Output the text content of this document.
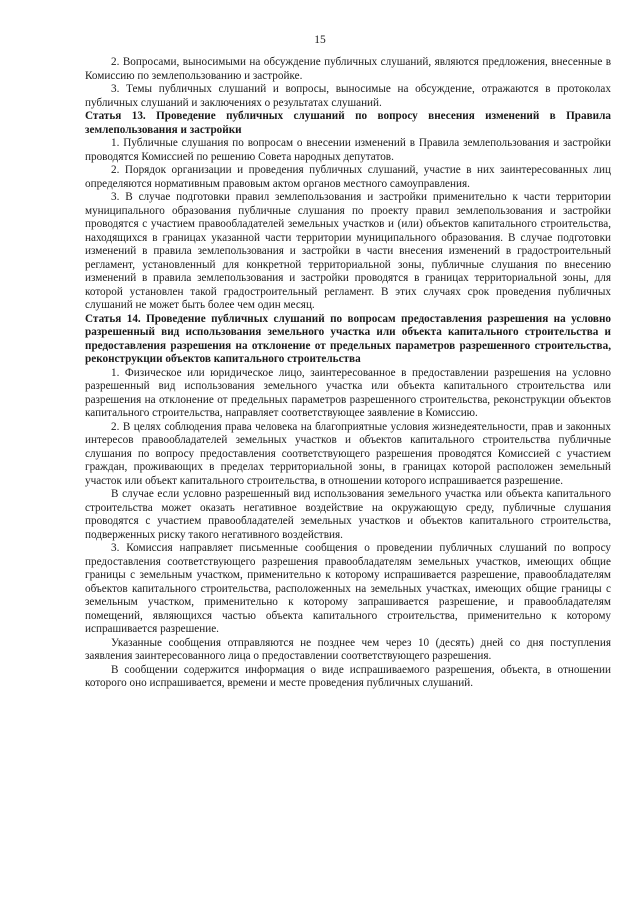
15

2. Вопросами, выносимыми на обсуждение публичных слушаний, являются предложения, внесенные в Комиссию по землепользованию и застройке.

3. Темы публичных слушаний и вопросы, выносимые на обсуждение, отражаются в протоколах публичных слушаний и заключениях о результатах слушаний.

Статья 13. Проведение публичных слушаний по вопросу внесения изменений в Правила землепользования и застройки

1. Публичные слушания по вопросам о внесении изменений в Правила землепользования и застройки проводятся Комиссией по решению Совета народных депутатов.

2. Порядок организации и проведения публичных слушаний, участие в них заинтересованных лиц определяются нормативным правовым актом органов местного самоуправления.

3. В случае подготовки правил землепользования и застройки применительно к части территории муниципального образования публичные слушания по проекту правил землепользования и застройки проводятся с участием правообладателей земельных участков и (или) объектов капитального строительства, находящихся в границах указанной части территории муниципального образования. В случае подготовки изменений в правила землепользования и застройки в части внесения изменений в градостроительный регламент, установленный для конкретной территориальной зоны, публичные слушания по внесению изменений в правила землепользования и застройки проводятся в границах территориальной зоны, для которой установлен такой градостроительный регламент. В этих случаях срок проведения публичных слушаний не может быть более чем один месяц.

Статья 14. Проведение публичных слушаний по вопросам предоставления разрешения на условно разрешенный вид использования земельного участка или объекта капитального строительства и предоставления разрешения на отклонение от предельных параметров разрешенного строительства, реконструкции объектов капитального строительства

1. Физическое или юридическое лицо, заинтересованное в предоставлении разрешения на условно разрешенный вид использования земельного участка или объекта капитального строительства или разрешения на отклонение от предельных параметров разрешенного строительства, реконструкции объектов капитального строительства, направляет соответствующее заявление в Комиссию.

2. В целях соблюдения права человека на благоприятные условия жизнедеятельности, прав и законных интересов правообладателей земельных участков и объектов капитального строительства публичные слушания по вопросу предоставления соответствующего разрешения проводятся Комиссией с участием граждан, проживающих в пределах территориальной зоны, в границах которой расположен земельный участок или объект капитального строительства, в отношении которого испрашивается разрешение.

В случае если условно разрешенный вид использования земельного участка или объекта капитального строительства может оказать негативное воздействие на окружающую среду, публичные слушания проводятся с участием правообладателей земельных участков и объектов капитального строительства, подверженных риску такого негативного воздействия.

3. Комиссия направляет письменные сообщения о проведении публичных слушаний по вопросу предоставления соответствующего разрешения правообладателям земельных участков, имеющих общие границы с земельным участком, применительно к которому испрашивается разрешение, правообладателям объектов капитального строительства, расположенных на земельных участках, имеющих общие границы с земельным участком, применительно к которому запрашивается разрешение, и правообладателям помещений, являющихся частью объекта капитального строительства, применительно к которому испрашивается разрешение.

Указанные сообщения отправляются не позднее чем через 10 (десять) дней со дня поступления заявления заинтересованного лица о предоставлении соответствующего разрешения.

В сообщении содержится информация о виде испрашиваемого разрешения, объекта, в отношении которого оно испрашивается, времени и месте проведения публичных слушаний.
